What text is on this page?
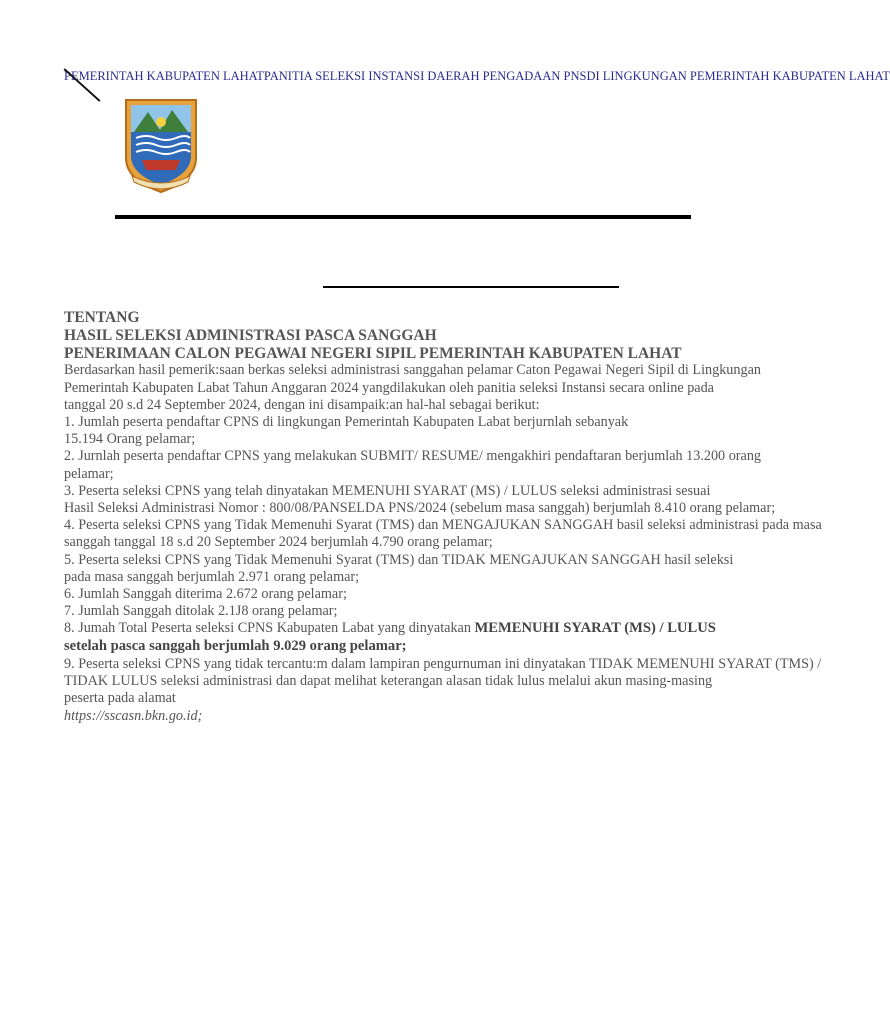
PEMERINTAH KABUPATEN LAHATPANITIA SELEKSI INSTANSI DAERAH PENGADAAN PNSDI LINGKUNGAN PEMERINTAH KABUPATEN LAHAT
TENTANG
HASIL SELEKSI ADMINISTRASI PASCA SANGGAH
PENERIMAAN CALON PEGAWAI NEGERI SIPIL PEMERINTAH KABUPATEN LAHAT
Berdasarkan hasil pemerik:saan berkas seleksi administrasi sanggahan pelamar Caton Pegawai Negeri Sipil di Lingkungan
Pemerintah Kabupaten Labat Tahun Anggaran 2024 yangdilakukan oleh panitia seleksi Instansi secara online pada
tanggal 20 s.d 24 September 2024, dengan ini disampaik:an hal-hal sebagai berikut:
1. Jumlah peserta pendaftar CPNS di lingkungan Pemerintah Kabupaten Labat berjurnlah sebanyak
15.194 Orang pelamar;
2. Jurnlah peserta pendaftar CPNS yang melakukan SUBMIT/ RESUME/ mengakhiri pendaftaran berjumlah 13.200 orang
pelamar;
3. Peserta seleksi CPNS yang telah dinyatakan MEMENUHI SYARAT (MS) / LULUS seleksi administrasi sesuai
Hasil Seleksi Administrasi Nomor : 800/08/PANSELDA PNS/2024 (sebelum masa sanggah) berjumlah 8.410 orang pelamar;
4. Peserta seleksi CPNS yang Tidak Memenuhi Syarat (TMS) dan MENGAJUKAN SANGGAH basil seleksi administrasi pada masa
sanggah tanggal 18 s.d 20 September 2024 berjumlah 4.790 orang pelamar;
5. Peserta seleksi CPNS yang Tidak Memenuhi Syarat (TMS) dan TIDAK MENGAJUKAN SANGGAH hasil seleksi
pada masa sanggah berjumlah 2.971 orang pelamar;
6. Jumlah Sanggah diterima 2.672 orang pelamar;
7. Jumlah Sanggah ditolak 2.1J8 orang pelamar;
8. Jumah Total Peserta seleksi CPNS Kabupaten Labat yang dinyatakan MEMENUHI SYARAT (MS) / LULUS
setelah pasca sanggah berjumlah 9.029 orang pelamar;
9. Peserta seleksi CPNS yang tidak tercantu:m dalam lampiran pengurnuman ini dinyatakan TIDAK MEMENUHI SYARAT (TMS) /
TIDAK LULUS seleksi administrasi dan dapat melihat keterangan alasan tidak lulus melalui akun masing-masing
peserta pada alamat
https://sscasn.bkn.go.id;
